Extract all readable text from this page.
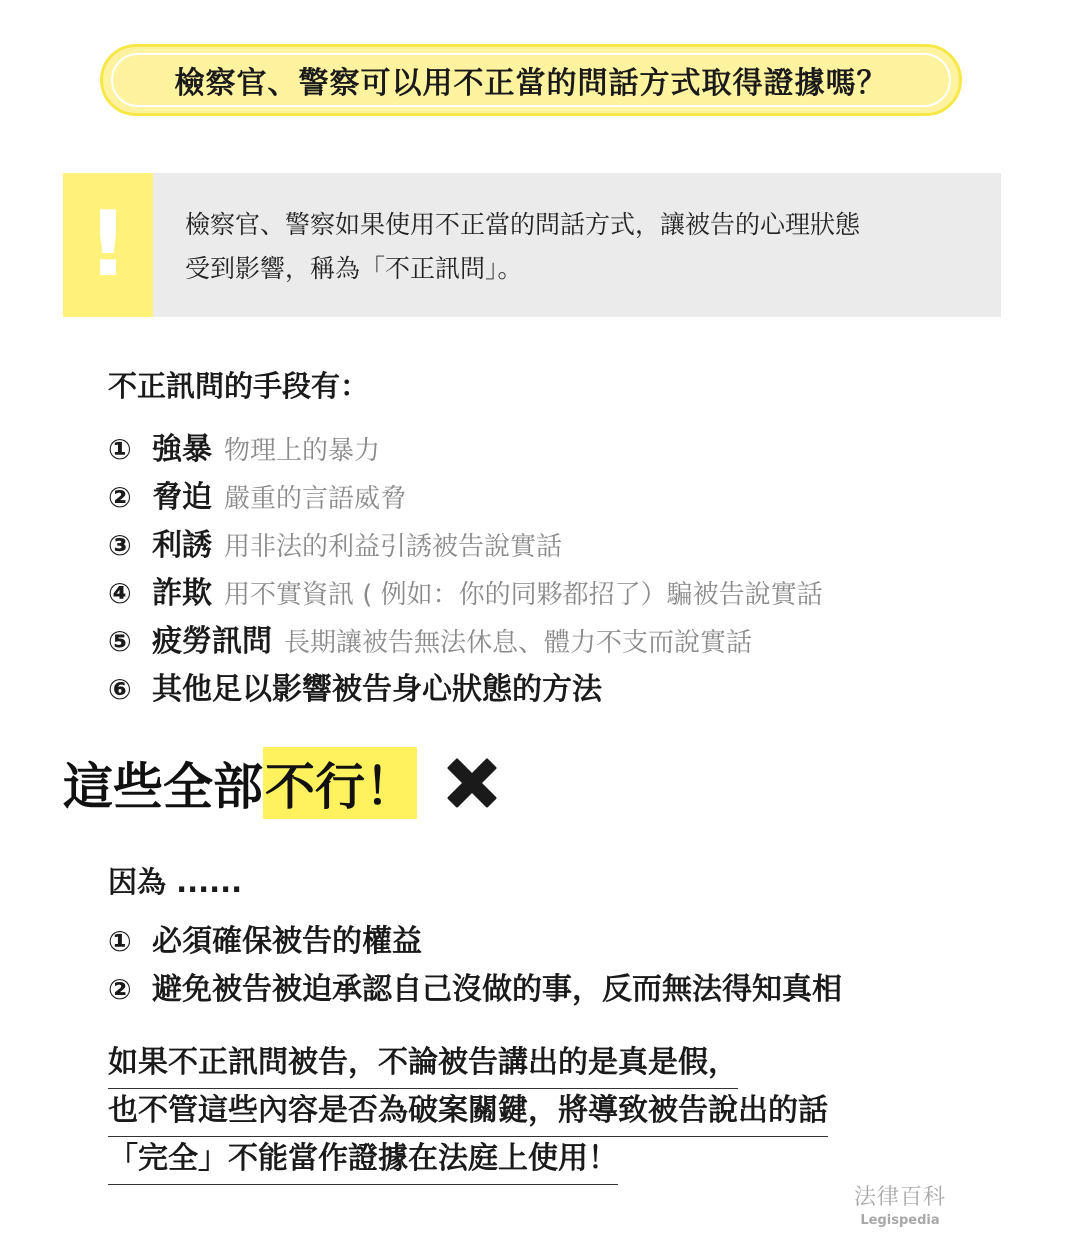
檢察官、警察可以用不正當的問話方式取得證據嗎？
! 檢察官、警察如果使用不正當的問話方式，讓被告的心理狀態
受到影響，稱為「不正訊問」。
不正訊問的手段有：
① 強暴 物理上的暴力
② 脅迫 嚴重的言語威脅
③ 利誘 用非法的利益引誘被告說實話
④ 詐欺 用不實資訊 ( 例如：你的同夥都招了）騙被告說實話
⑤ 疲勞訊問 長期讓被告無法休息、體力不支而說實話
⑥ 其他足以影響被告身心狀態的方法
這些全部 不行！
因為 ......
① 必須確保被告的權益
② 避免被告被迫承認自己沒做的事，反而無法得知真相
如果不正訊問被告，不論被告講出的是真是假，
也不管這些內容是否為破案關鍵，將導致被告說出的話
「完全」不能當作證據在法庭上使用！
法律百科
Legispedia
